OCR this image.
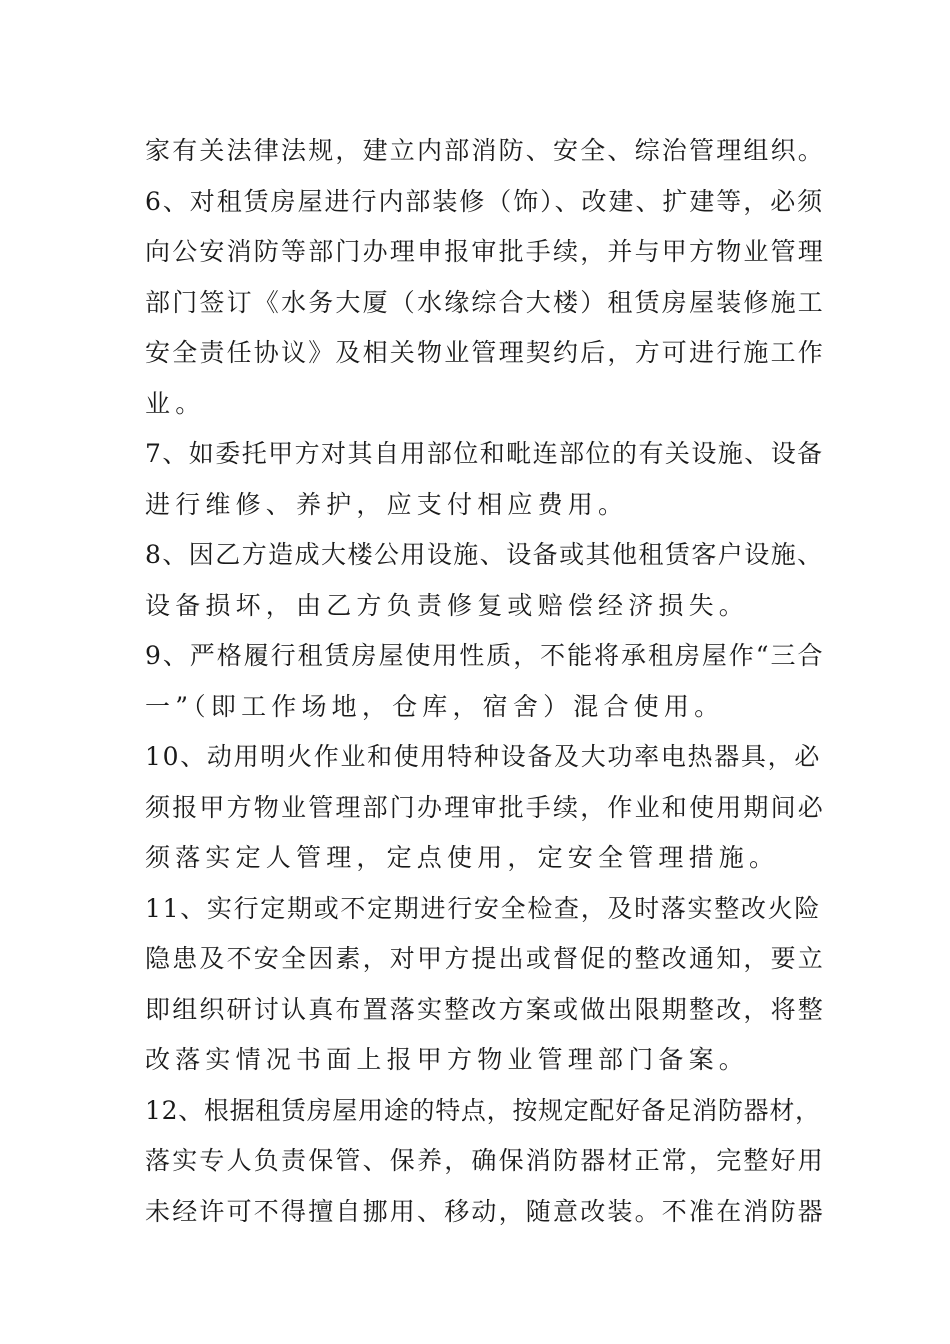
家有关法律法规，建立内部消防、安全、综治管理组织。
6、对租赁房屋进行内部装修（饰）、改建、扩建等，必须
向公安消防等部门办理申报审批手续，并与甲方物业管理
部门签订《水务大厦（水缘综合大楼）租赁房屋装修施工
安全责任协议》及相关物业管理契约后，方可进行施工作
业。
7、如委托甲方对其自用部位和毗连部位的有关设施、设备
进行维修、养护，应支付相应费用。
8、因乙方造成大楼公用设施、设备或其他租赁客户设施、
设备损坏，由乙方负责修复或赔偿经济损失。
9、严格履行租赁房屋使用性质，不能将承租房屋作“三合
一”（即工作场地，仓库，宿舍）混合使用。
10、动用明火作业和使用特种设备及大功率电热器具，必
须报甲方物业管理部门办理审批手续，作业和使用期间必
须落实定人管理，定点使用，定安全管理措施。
11、实行定期或不定期进行安全检查，及时落实整改火险
隐患及不安全因素，对甲方提出或督促的整改通知，要立
即组织研讨认真布置落实整改方案或做出限期整改，将整
改落实情况书面上报甲方物业管理部门备案。
12、根据租赁房屋用途的特点，按规定配好备足消防器材，
落实专人负责保管、保养，确保消防器材正常，完整好用
未经许可不得擅自挪用、移动，随意改装。不准在消防器
